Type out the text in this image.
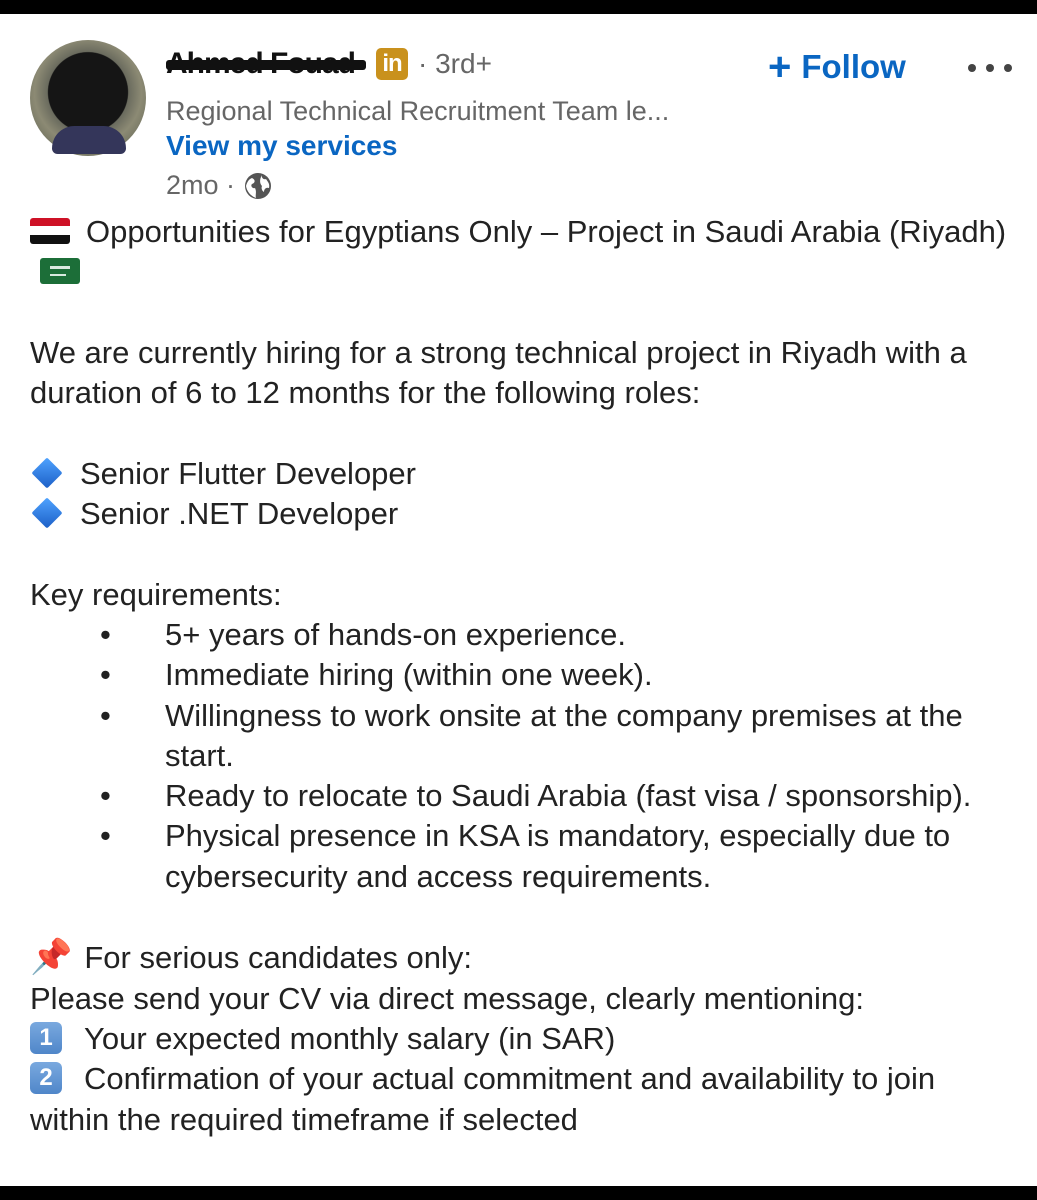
in · 3rd+	+ Follow
Regional Technical Recruitment Team le...
View my services
2mo ·

Opportunities for Egyptians Only – Project in Saudi Arabia (Riyadh)

We are currently hiring for a strong technical project in Riyadh with a duration of 6 to 12 months for the following roles:

Senior Flutter Developer

Senior .NET Developer

Key requirements:

• 5+ years of hands-on experience.

• Immediate hiring (within one week).

• Willingness to work onsite at the company premises at the start.

• Ready to relocate to Saudi Arabia (fast visa / sponsorship).

• Physical presence in KSA is mandatory, especially due to cybersecurity and access requirements.

📌 For serious candidates only:

Please send your CV via direct message, clearly mentioning:

1 Your expected monthly salary (in SAR)

2 Confirmation of your actual commitment and availability to join within the required timeframe if selected
